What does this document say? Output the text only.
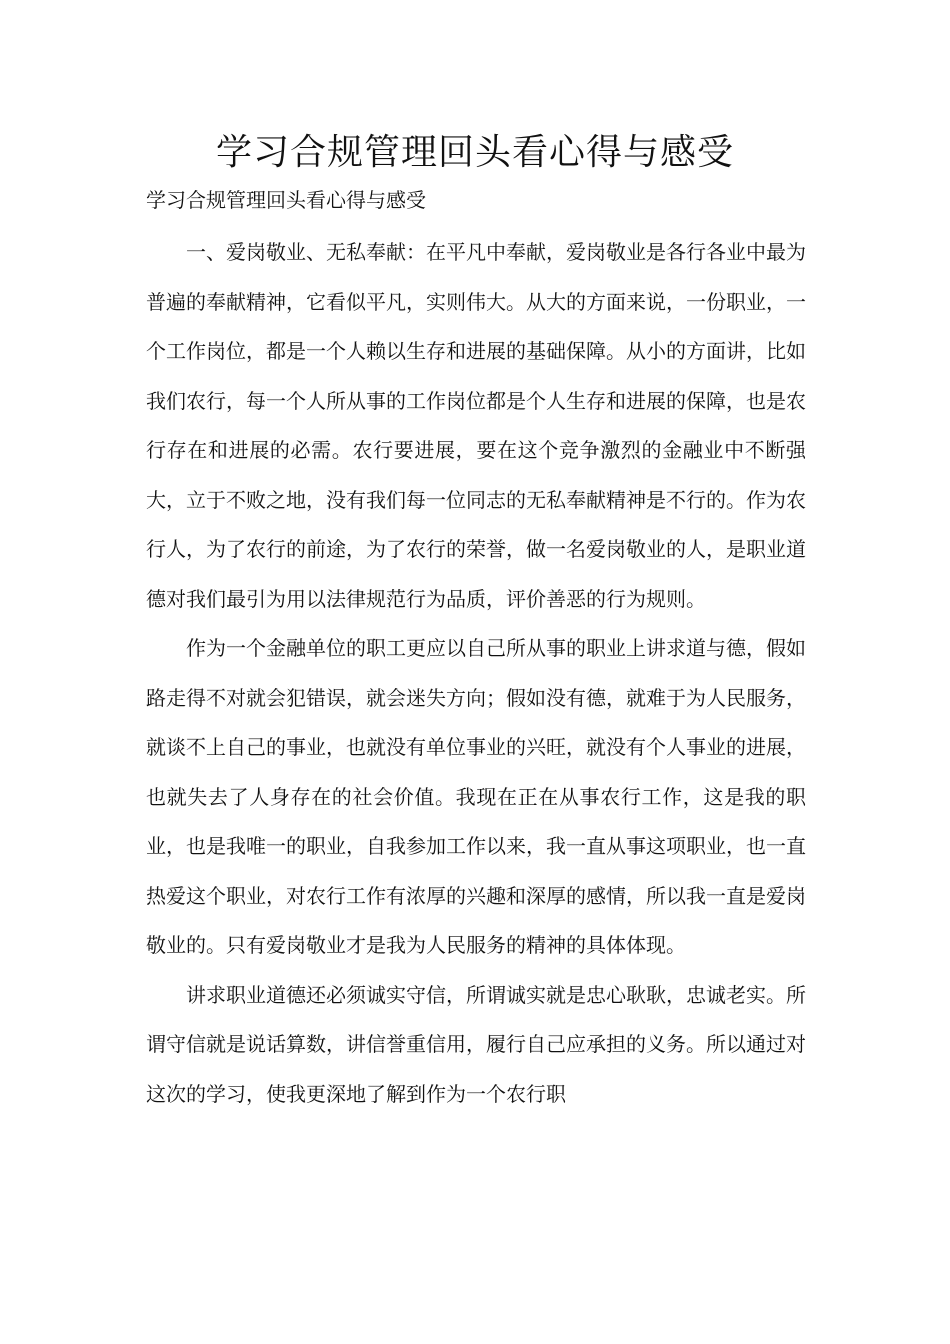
学习合规管理回头看心得与感受
学习合规管理回头看心得与感受

一、爱岗敬业、无私奉献：在平凡中奉献，爱岗敬业是各行各业中最为普遍的奉献精神，它看似平凡，实则伟大。从大的方面来说，一份职业，一个工作岗位，都是一个人赖以生存和进展的基础保障。从小的方面讲，比如我们农行，每一个人所从事的工作岗位都是个人生存和进展的保障，也是农行存在和进展的必需。农行要进展，要在这个竞争激烈的金融业中不断强大，立于不败之地，没有我们每一位同志的无私奉献精神是不行的。作为农行人，为了农行的前途，为了农行的荣誉，做一名爱岗敬业的人，是职业道德对我们最引为用以法律规范行为品质，评价善恶的行为规则。

作为一个金融单位的职工更应以自己所从事的职业上讲求道与德，假如路走得不对就会犯错误，就会迷失方向；假如没有德，就难于为人民服务，就谈不上自己的事业，也就没有单位事业的兴旺，就没有个人事业的进展，也就失去了人身存在的社会价值。我现在正在从事农行工作，这是我的职业，也是我唯一的职业，自我参加工作以来，我一直从事这项职业，也一直热爱这个职业，对农行工作有浓厚的兴趣和深厚的感情，所以我一直是爱岗敬业的。只有爱岗敬业才是我为人民服务的精神的具体体现。

讲求职业道德还必须诚实守信，所谓诚实就是忠心耿耿，忠诚老实。所谓守信就是说话算数，讲信誉重信用，履行自己应承担的义务。所以通过对这次的学习，使我更深地了解到作为一个农行职
